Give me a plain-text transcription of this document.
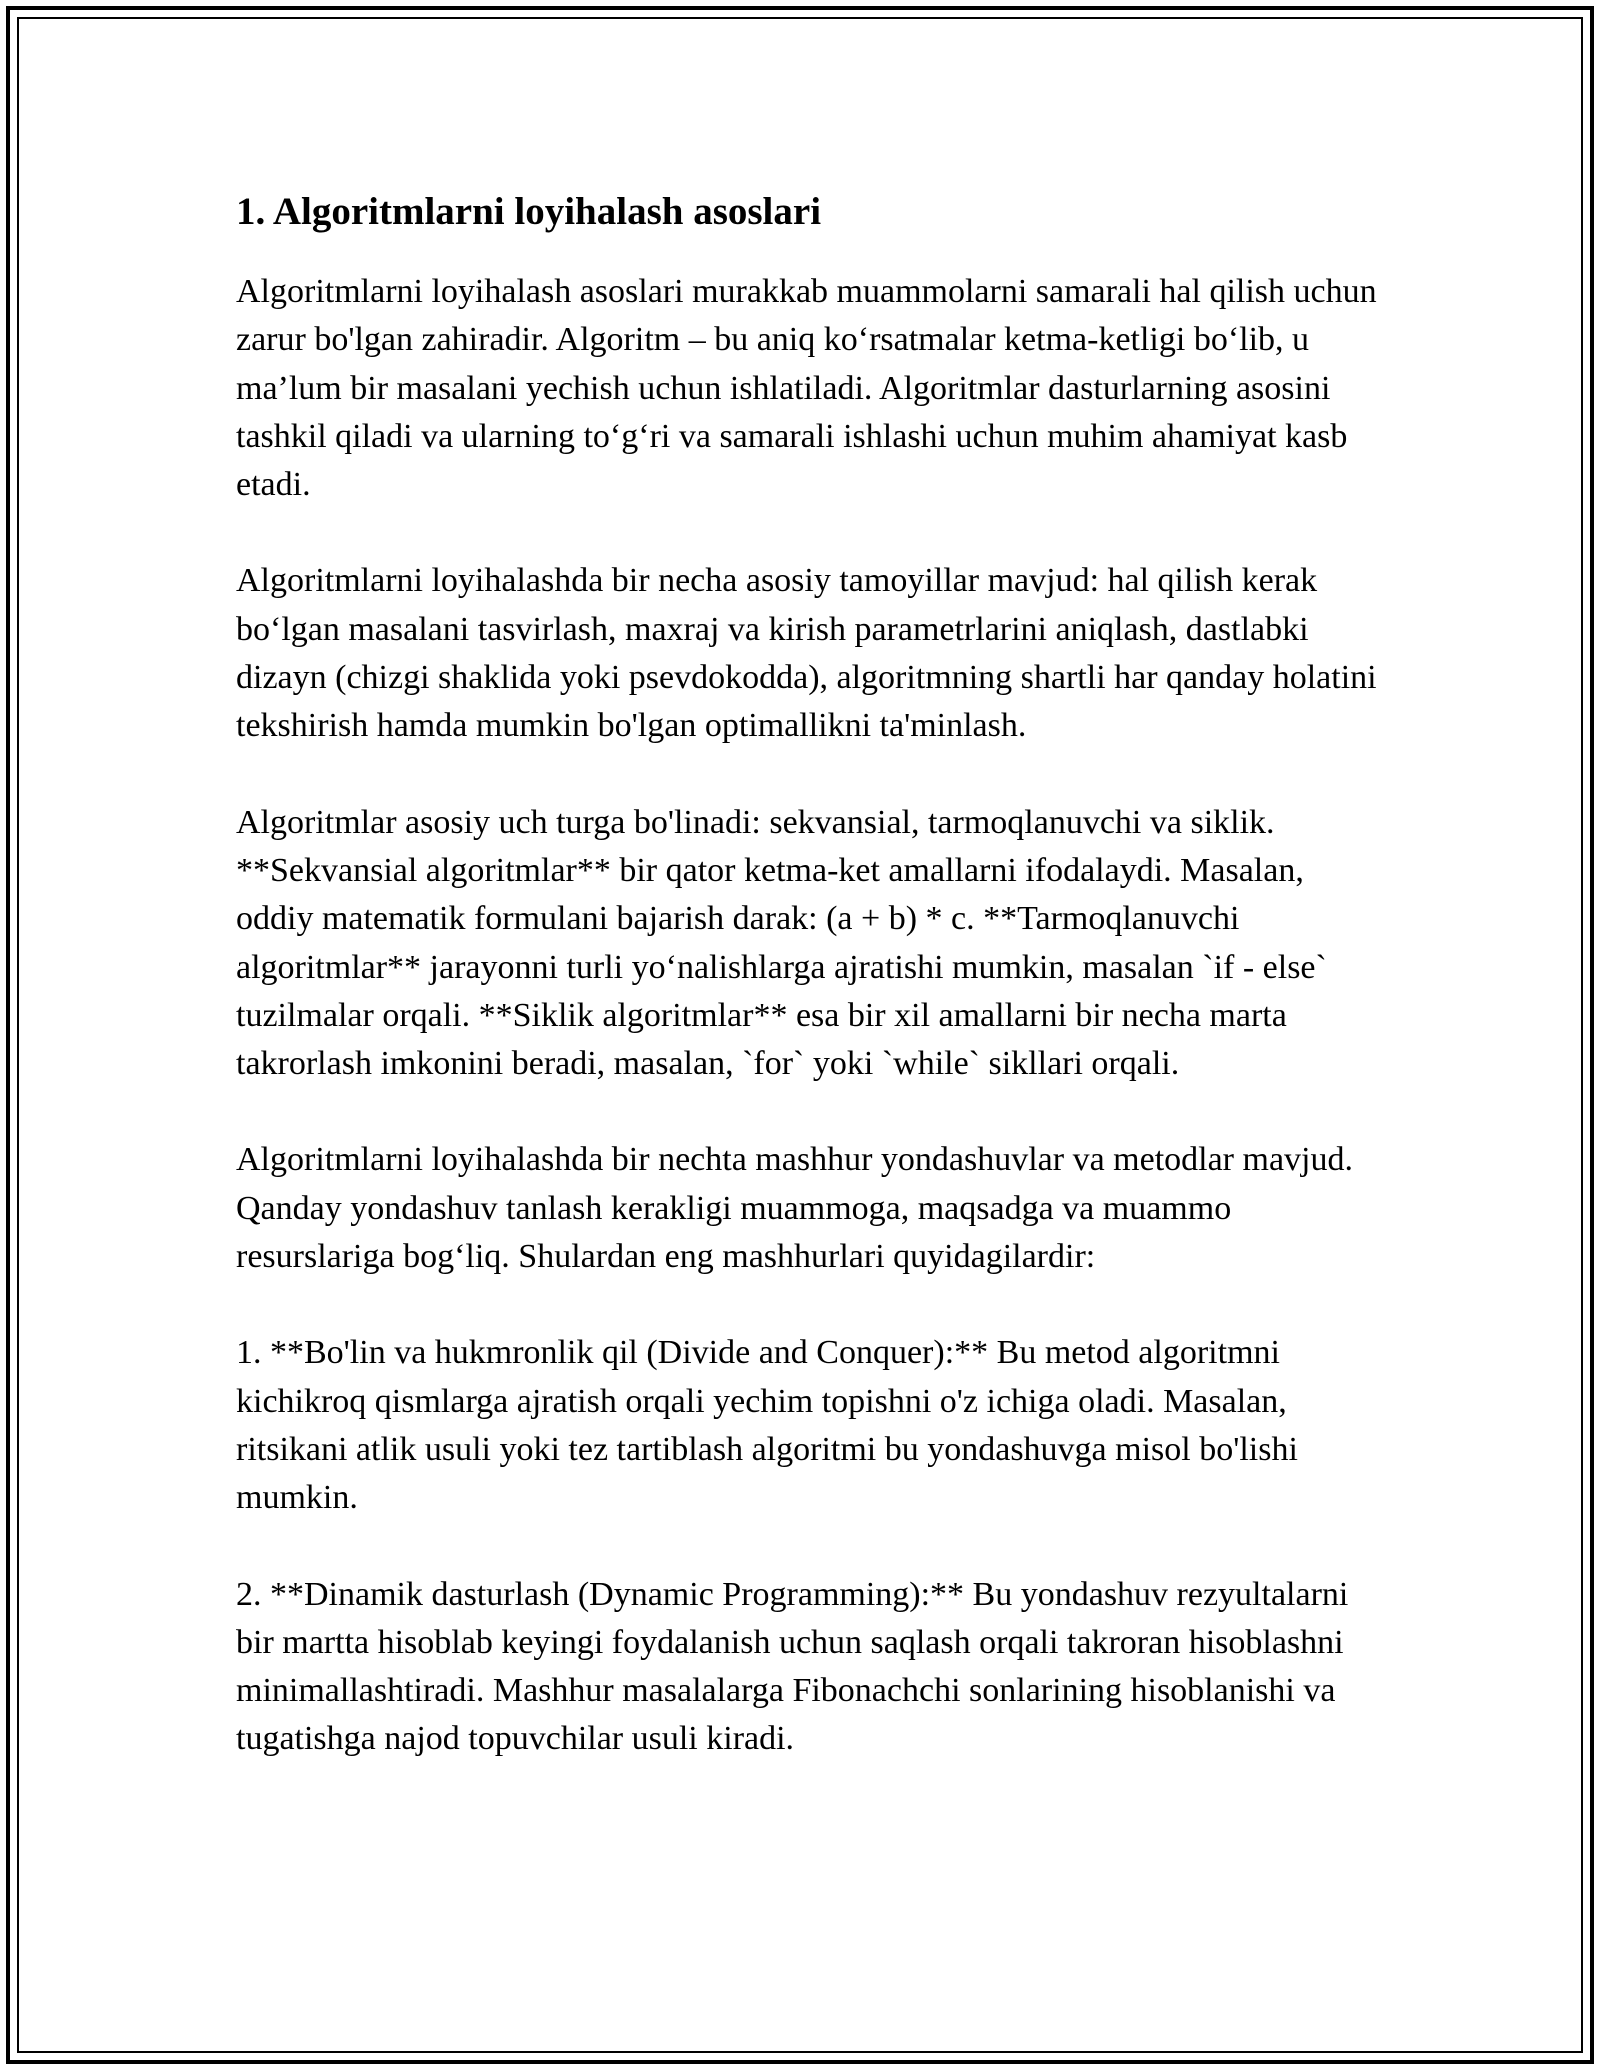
1. Algoritmlarni loyihalash asoslari

Algoritmlarni loyihalash asoslari murakkab muammolarni samarali hal qilish uchun zarur bo'lgan zahiradir. Algoritm – bu aniq ko‘rsatmalar ketma-ketligi bo‘lib, u ma’lum bir masalani yechish uchun ishlatiladi. Algoritmlar dasturlarning asosini tashkil qiladi va ularning to‘g‘ri va samarali ishlashi uchun muhim ahamiyat kasb etadi.

Algoritmlarni loyihalashda bir necha asosiy tamoyillar mavjud: hal qilish kerak bo‘lgan masalani tasvirlash, maxraj va kirish parametrlarini aniqlash, dastlabki dizayn (chizgi shaklida yoki psevdokodda), algoritmning shartli har qanday holatini tekshirish hamda mumkin bo'lgan optimallikni ta'minlash.

Algoritmlar asosiy uch turga bo'linadi: sekvansial, tarmoqlanuvchi va siklik. **Sekvansial algoritmlar** bir qator ketma-ket amallarni ifodalaydi. Masalan, oddiy matematik formulani bajarish darak: (a + b) * c. **Tarmoqlanuvchi algoritmlar** jarayonni turli yo‘nalishlarga ajratishi mumkin, masalan `if - else` tuzilmalar orqali. **Siklik algoritmlar** esa bir xil amallarni bir necha marta takrorlash imkonini beradi, masalan, `for` yoki `while` sikllari orqali.

Algoritmlarni loyihalashda bir nechta mashhur yondashuvlar va metodlar mavjud. Qanday yondashuv tanlash kerakligi muammoga, maqsadga va muammo resurslariga bog‘liq. Shulardan eng mashhurlari quyidagilardir:

1. **Bo'lin va hukmronlik qil (Divide and Conquer):** Bu metod algoritmni kichikroq qismlarga ajratish orqali yechim topishni o'z ichiga oladi. Masalan, ritsikani atlik usuli yoki tez tartiblash algoritmi bu yondashuvga misol bo'lishi mumkin.

2. **Dinamik dasturlash (Dynamic Programming):** Bu yondashuv rezyultalarni bir martta hisoblab keyingi foydalanish uchun saqlash orqali takroran hisoblashni minimallashtiradi. Mashhur masalalarga Fibonachchi sonlarining hisoblanishi va tugatishga najod topuvchilar usuli kiradi.
